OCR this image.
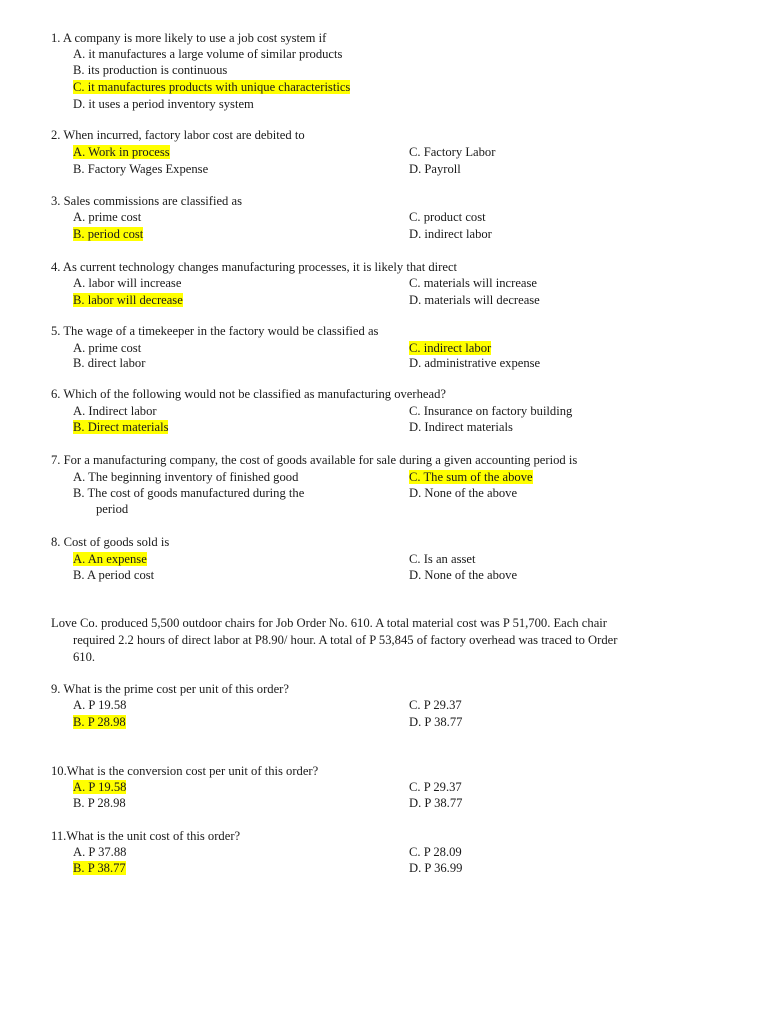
1. A company is more likely to use a job cost system if
A. it manufactures a large volume of similar products
B. its production is continuous
C. it manufactures products with unique characteristics
D. it uses a period inventory system
2. When incurred, factory labor cost are debited to
A. Work in process
B. Factory Wages Expense
C. Factory Labor
D. Payroll
3. Sales commissions are classified as
A. prime cost
B. period cost
C. product cost
D. indirect labor
4. As current technology changes manufacturing processes, it is likely that direct
A. labor will increase
B. labor will decrease
C. materials will increase
D. materials will decrease
5. The wage of a timekeeper in the factory would be classified as
A. prime cost
B. direct labor
C. indirect labor
D. administrative expense
6. Which of the following would not be classified as manufacturing overhead?
A. Indirect labor
B. Direct materials
C. Insurance on factory building
D. Indirect materials
7. For a manufacturing company, the cost of goods available for sale during a given accounting period is
A. The beginning inventory of finished good
B. The cost of goods manufactured during the
period
C. The sum of the above
D. None of the above
8. Cost of goods sold is
A. An expense
B. A period cost
C. Is an asset
D. None of the above
Love Co. produced 5,500 outdoor chairs for Job Order No. 610. A total material cost was P 51,700. Each chair
required 2.2 hours of direct labor at P8.90/ hour. A total of P 53,845 of factory overhead was traced to Order
610.
9. What is the prime cost per unit of this order?
A. P 19.58
B. P 28.98
C. P 29.37
D. P 38.77
10.What is the conversion cost per unit of this order?
A. P 19.58
B. P 28.98
C. P 29.37
D. P 38.77
11.What is the unit cost of this order?
A. P 37.88
B. P 38.77
C. P 28.09
D. P 36.99
